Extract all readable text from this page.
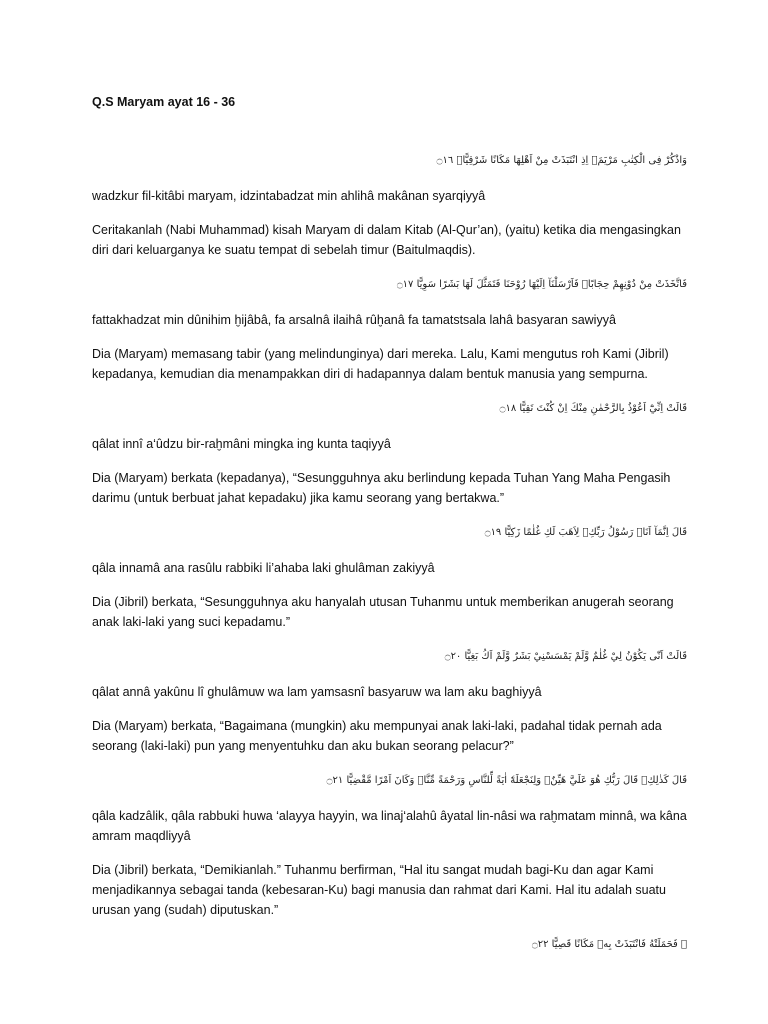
Q.S Maryam ayat 16 - 36
وَاذْكُرْ فِى الْكِتٰبِ مَرْيَمَۘ اِذِ انْتَبَذَتْ مِنْ اَهْلِهَا مَكَانًا شَرْقِيًّاۙ ۝١٦
wadzkur fil-kitâbi maryam, idzintabadzat min ahlihâ makânan syarqiyyâ
Ceritakanlah (Nabi Muhammad) kisah Maryam di dalam Kitab (Al-Qur’an), (yaitu) ketika dia mengasingkan diri dari keluarganya ke suatu tempat di sebelah timur (Baitulmaqdis).
فَاتَّخَذَتْ مِنْ دُوْنِهِمْ حِجَابًاۗ فَاَرْسَلْنَآ اِلَيْهَا رُوْحَنَا فَتَمَثَّلَ لَهَا بَشَرًا سَوِيًّا ۝١٧
fattakhadzat min dûnihim ḫijâbâ, fa arsalnâ ilaihâ rûḫanâ fa tamatstsala lahâ basyaran sawiyyâ
Dia (Maryam) memasang tabir (yang melindunginya) dari mereka. Lalu, Kami mengutus roh Kami (Jibril) kepadanya, kemudian dia menampakkan diri di hadapannya dalam bentuk manusia yang sempurna.
قَالَتْ اِنِّيْٓ اَعُوْذُ بِالرَّحْمٰنِ مِنْكَ اِنْ كُنْتَ تَقِيًّا ۝١٨
qâlat innî a‘ûdzu bir-raḫmâni mingka ing kunta taqiyyâ
Dia (Maryam) berkata (kepadanya), “Sesungguhnya aku berlindung kepada Tuhan Yang Maha Pengasih darimu (untuk berbuat jahat kepadaku) jika kamu seorang yang bertakwa.”
قَالَ اِنَّمَآ اَنَا۠ رَسُوْلُ رَبِّكِۖ لِاَهَبَ لَكِ غُلٰمًا زَكِيًّا ۝١٩
qâla innamâ ana rasûlu rabbiki li’ahaba laki ghulâman zakiyyâ
Dia (Jibril) berkata, “Sesungguhnya aku hanyalah utusan Tuhanmu untuk memberikan anugerah seorang anak laki-laki yang suci kepadamu.”
قَالَتْ اَنّٰى يَكُوْنُ لِيْ غُلٰمٌ وَّلَمْ يَمْسَسْنِيْ بَشَرٌ وَّلَمْ اَكُ بَغِيًّا ۝٢٠
qâlat annâ yakûnu lî ghulâmuw wa lam yamsasnî basyaruw wa lam aku baghiyyâ
Dia (Maryam) berkata, “Bagaimana (mungkin) aku mempunyai anak laki-laki, padahal tidak pernah ada seorang (laki-laki) pun yang menyentuhku dan aku bukan seorang pelacur?”
قَالَ كَذٰلِكِۚ قَالَ رَبُّكِ هُوَ عَلَيَّ هَيِّنٌۚ وَلِنَجْعَلَهٗٓ اٰيَةً لِّلنَّاسِ وَرَحْمَةً مِّنَّاۚ وَكَانَ اَمْرًا مَّقْضِيًّا ۝٢١
qâla kadzâlik, qâla rabbuki huwa ‘alayya hayyin, wa linaj‘alahû âyatal lin-nâsi wa raḫmatam minnâ, wa kâna amram maqdliyyâ
Dia (Jibril) berkata, “Demikianlah.” Tuhanmu berfirman, “Hal itu sangat mudah bagi-Ku dan agar Kami menjadikannya sebagai tanda (kebesaran-Ku) bagi manusia dan rahmat dari Kami. Hal itu adalah suatu urusan yang (sudah) diputuskan.”
۞ فَحَمَلَتْهُ فَانْتَبَذَتْ بِهٖ مَكَانًا قَصِيًّا ۝٢٢
